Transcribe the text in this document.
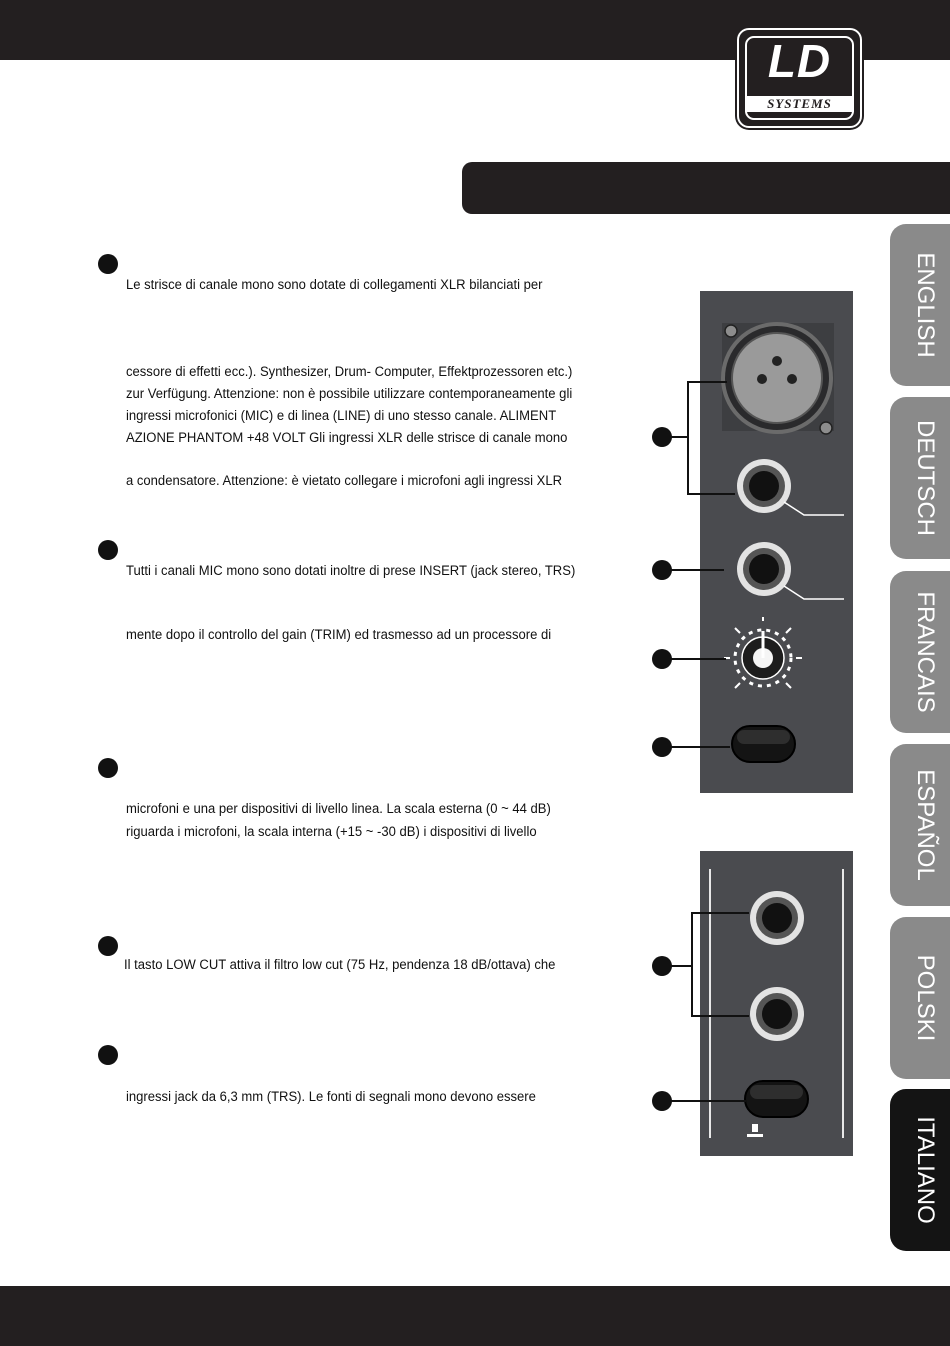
LD
SYSTEMS
ENGLISH
DEUTSCH
FRANCAIS
ESPAÑOL
POLSKI
ITALIANO
Le strisce di canale mono sono dotate di collegamenti XLR bilanciati per
cessore di effetti ecc.). Synthesizer, Drum- Computer, Effektprozessoren etc.)
zur Verfügung. Attenzione: non è possibile utilizzare contemporaneamente gli
ingressi microfonici (MIC) e di linea (LINE) di uno stesso canale. ALIMENT
AZIONE PHANTOM +48 VOLT Gli ingressi XLR delle strisce di canale mono
a condensatore. Attenzione: è vietato collegare i microfoni agli ingressi XLR
Tutti i canali MIC mono sono dotati inoltre di prese INSERT (jack stereo, TRS)
mente dopo il controllo del gain (TRIM) ed trasmesso ad un processore di
microfoni e una per dispositivi di livello linea. La scala esterna (0 ~ 44 dB)
riguarda i microfoni, la scala interna (+15 ~ -30 dB) i dispositivi di livello
Il tasto LOW CUT attiva il filtro low cut (75 Hz, pendenza 18 dB/ottava) che
ingressi jack da 6,3 mm (TRS). Le fonti di segnali mono devono essere
